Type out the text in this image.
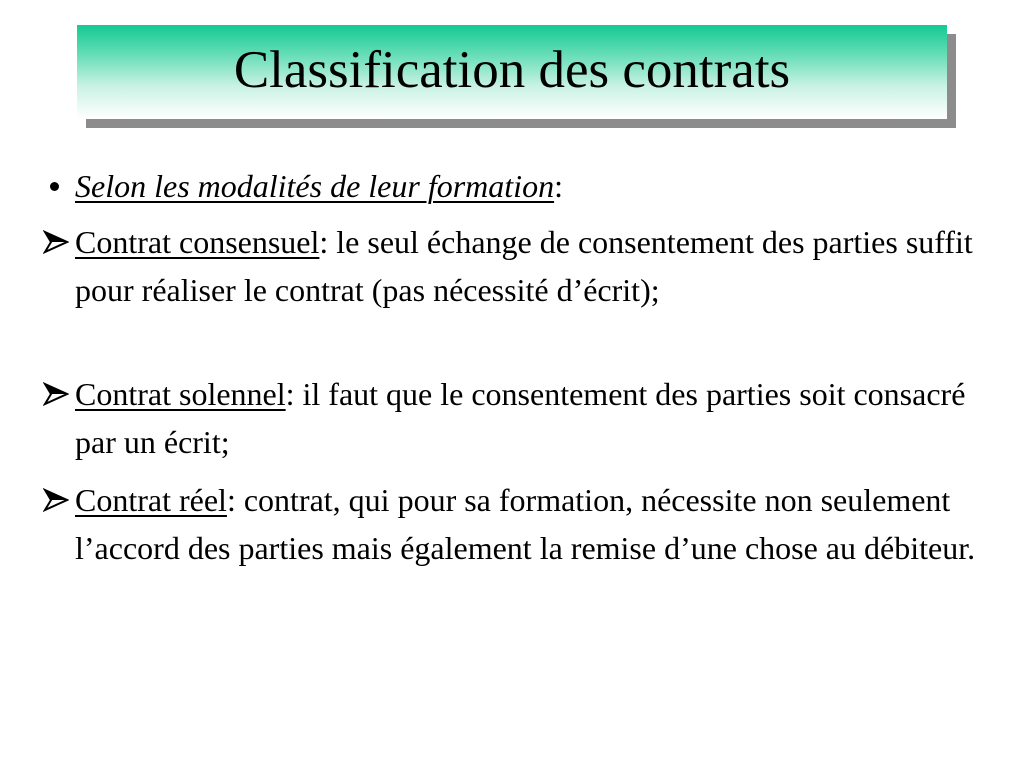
Classification des contrats
Selon les modalités de leur formation:
Contrat consensuel: le seul échange de consentement des parties suffit pour réaliser le contrat (pas nécessité d’écrit);
Contrat solennel: il faut que le consentement des parties soit consacré par un écrit;
Contrat réel: contrat, qui pour sa formation, nécessite non seulement l’accord des parties mais également la remise d’une chose au débiteur.
